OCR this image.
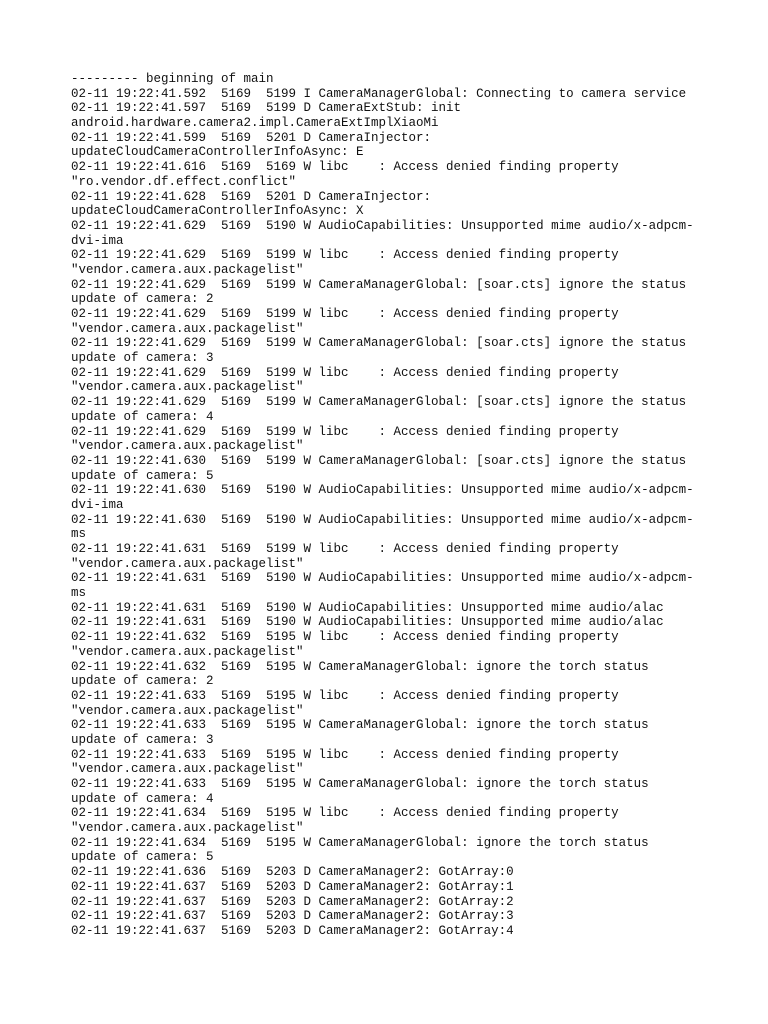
--------- beginning of main
02-11 19:22:41.592  5169  5199 I CameraManagerGlobal: Connecting to camera service
02-11 19:22:41.597  5169  5199 D CameraExtStub: init
android.hardware.camera2.impl.CameraExtImplXiaoMi
02-11 19:22:41.599  5169  5201 D CameraInjector:
updateCloudCameraControllerInfoAsync: E
02-11 19:22:41.616  5169  5169 W libc    : Access denied finding property
"ro.vendor.df.effect.conflict"
02-11 19:22:41.628  5169  5201 D CameraInjector:
updateCloudCameraControllerInfoAsync: X
02-11 19:22:41.629  5169  5190 W AudioCapabilities: Unsupported mime audio/x-adpcm-
dvi-ima
02-11 19:22:41.629  5169  5199 W libc    : Access denied finding property
"vendor.camera.aux.packagelist"
02-11 19:22:41.629  5169  5199 W CameraManagerGlobal: [soar.cts] ignore the status
update of camera: 2
02-11 19:22:41.629  5169  5199 W libc    : Access denied finding property
"vendor.camera.aux.packagelist"
02-11 19:22:41.629  5169  5199 W CameraManagerGlobal: [soar.cts] ignore the status
update of camera: 3
02-11 19:22:41.629  5169  5199 W libc    : Access denied finding property
"vendor.camera.aux.packagelist"
02-11 19:22:41.629  5169  5199 W CameraManagerGlobal: [soar.cts] ignore the status
update of camera: 4
02-11 19:22:41.629  5169  5199 W libc    : Access denied finding property
"vendor.camera.aux.packagelist"
02-11 19:22:41.630  5169  5199 W CameraManagerGlobal: [soar.cts] ignore the status
update of camera: 5
02-11 19:22:41.630  5169  5190 W AudioCapabilities: Unsupported mime audio/x-adpcm-
dvi-ima
02-11 19:22:41.630  5169  5190 W AudioCapabilities: Unsupported mime audio/x-adpcm-
ms
02-11 19:22:41.631  5169  5199 W libc    : Access denied finding property
"vendor.camera.aux.packagelist"
02-11 19:22:41.631  5169  5190 W AudioCapabilities: Unsupported mime audio/x-adpcm-
ms
02-11 19:22:41.631  5169  5190 W AudioCapabilities: Unsupported mime audio/alac
02-11 19:22:41.631  5169  5190 W AudioCapabilities: Unsupported mime audio/alac
02-11 19:22:41.632  5169  5195 W libc    : Access denied finding property
"vendor.camera.aux.packagelist"
02-11 19:22:41.632  5169  5195 W CameraManagerGlobal: ignore the torch status
update of camera: 2
02-11 19:22:41.633  5169  5195 W libc    : Access denied finding property
"vendor.camera.aux.packagelist"
02-11 19:22:41.633  5169  5195 W CameraManagerGlobal: ignore the torch status
update of camera: 3
02-11 19:22:41.633  5169  5195 W libc    : Access denied finding property
"vendor.camera.aux.packagelist"
02-11 19:22:41.633  5169  5195 W CameraManagerGlobal: ignore the torch status
update of camera: 4
02-11 19:22:41.634  5169  5195 W libc    : Access denied finding property
"vendor.camera.aux.packagelist"
02-11 19:22:41.634  5169  5195 W CameraManagerGlobal: ignore the torch status
update of camera: 5
02-11 19:22:41.636  5169  5203 D CameraManager2: GotArray:0
02-11 19:22:41.637  5169  5203 D CameraManager2: GotArray:1
02-11 19:22:41.637  5169  5203 D CameraManager2: GotArray:2
02-11 19:22:41.637  5169  5203 D CameraManager2: GotArray:3
02-11 19:22:41.637  5169  5203 D CameraManager2: GotArray:4
